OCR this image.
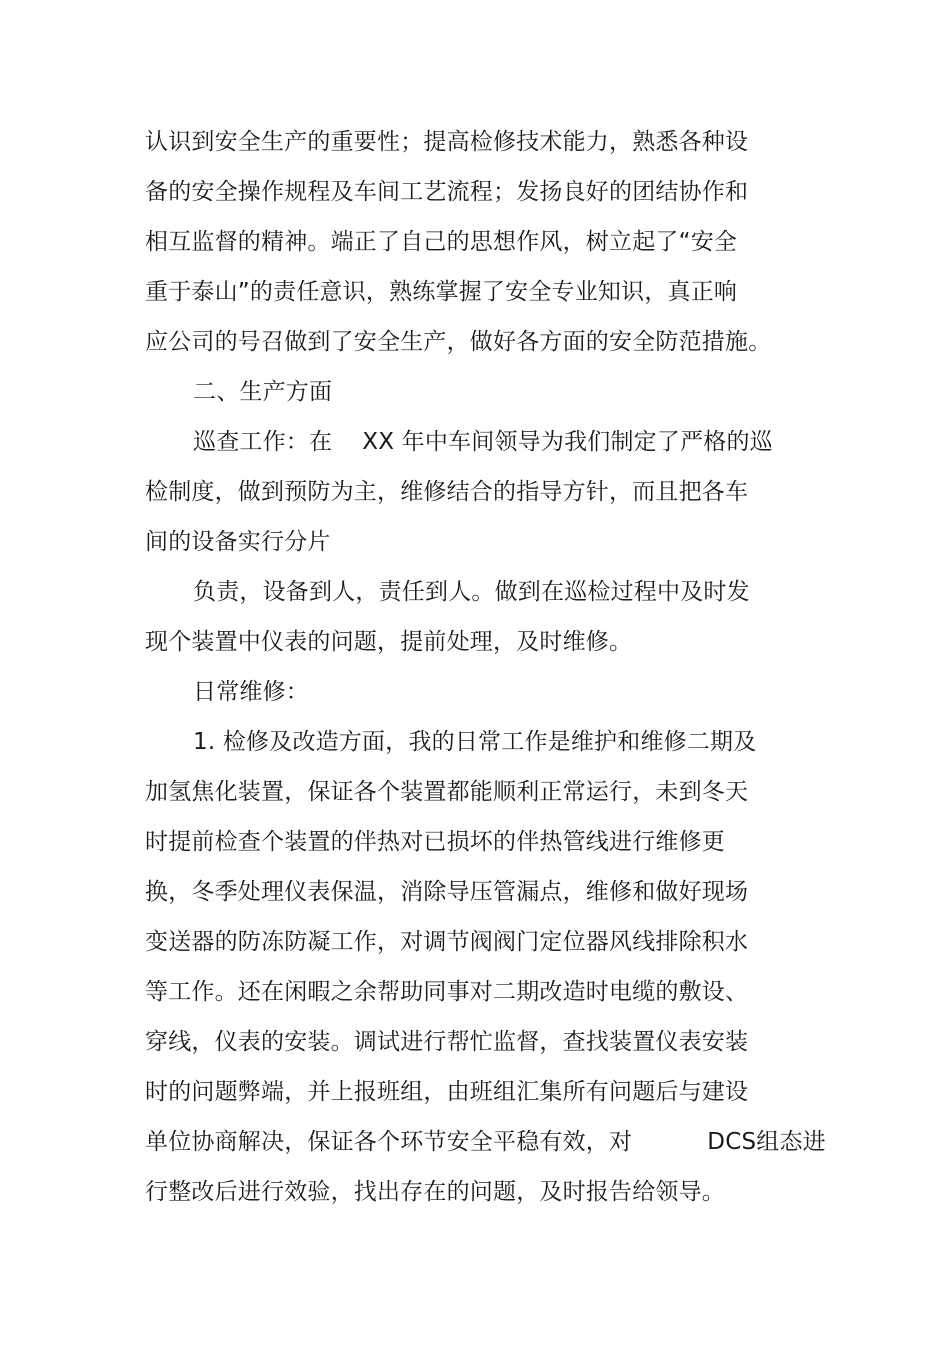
认识到安全生产的重要性；提高检修技术能力，熟悉各种设
备的安全操作规程及车间工艺流程；发扬良好的团结协作和
相互监督的精神。端正了自己的思想作风，树立起了“安全
重于泰山”的责任意识，熟练掌握了安全专业知识，真正响
应公司的号召做到了安全生产，做好各方面的安全防范措施。
二、生产方面
巡查工作：在    XX 年中车间领导为我们制定了严格的巡
检制度，做到预防为主，维修结合的指导方针，而且把各车
间的设备实行分片
负责，设备到人，责任到人。做到在巡检过程中及时发
现个装置中仪表的问题，提前处理，及时维修。
日常维修：
1. 检修及改造方面，我的日常工作是维护和维修二期及
加氢焦化装置，保证各个装置都能顺利正常运行，未到冬天
时提前检查个装置的伴热对已损坏的伴热管线进行维修更
换，冬季处理仪表保温，消除导压管漏点，维修和做好现场
变送器的防冻防凝工作，对调节阀阀门定位器风线排除积水
等工作。还在闲暇之余帮助同事对二期改造时电缆的敷设、
穿线，仪表的安装。调试进行帮忙监督，查找装置仪表安装
时的问题弊端，并上报班组，由班组汇集所有问题后与建设
单位协商解决，保证各个环节安全平稳有效，对          DCS组态进
行整改后进行效验，找出存在的问题，及时报告给领导。
